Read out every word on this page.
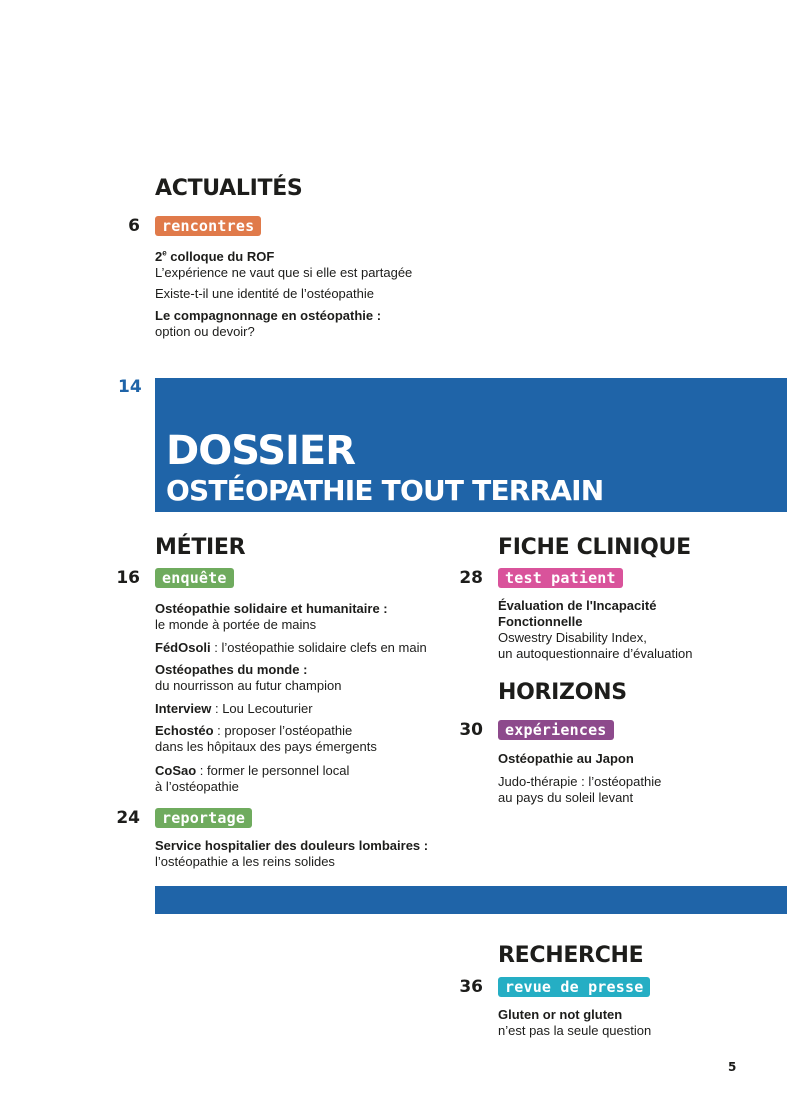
ACTUALITÉS
6	rencontres
2e colloque du ROF
L’expérience ne vaut que si elle est partagée
Existe-t-il une identité de l’ostéopathie
Le compagnonnage en ostéopathie :
option ou devoir?
14
DOSSIER
OSTÉOPATHIE TOUT TERRAIN
MÉTIER
16	enquête
Ostéopathie solidaire et humanitaire :
le monde à portée de mains
FédOsoli : l’ostéopathie solidaire clefs en main
Ostéopathes du monde :
du nourrisson au futur champion
Interview : Lou Lecouturier
Echostéo : proposer l’ostéopathie
dans les hôpitaux des pays émergents
CoSao : former le personnel local
à l’ostéopathie
24	reportage
Service hospitalier des douleurs lombaires :
l’ostéopathie a les reins solides
FICHE CLINIQUE
28	test patient
Évaluation de l'Incapacité
Fonctionnelle
Oswestry Disability Index,
un autoquestionnaire d’évaluation
HORIZONS
30	expériences
Ostéopathie au Japon
Judo-thérapie : l’ostéopathie
au pays du soleil levant
RECHERCHE
36	revue de presse
Gluten or not gluten
n’est pas la seule question
5
